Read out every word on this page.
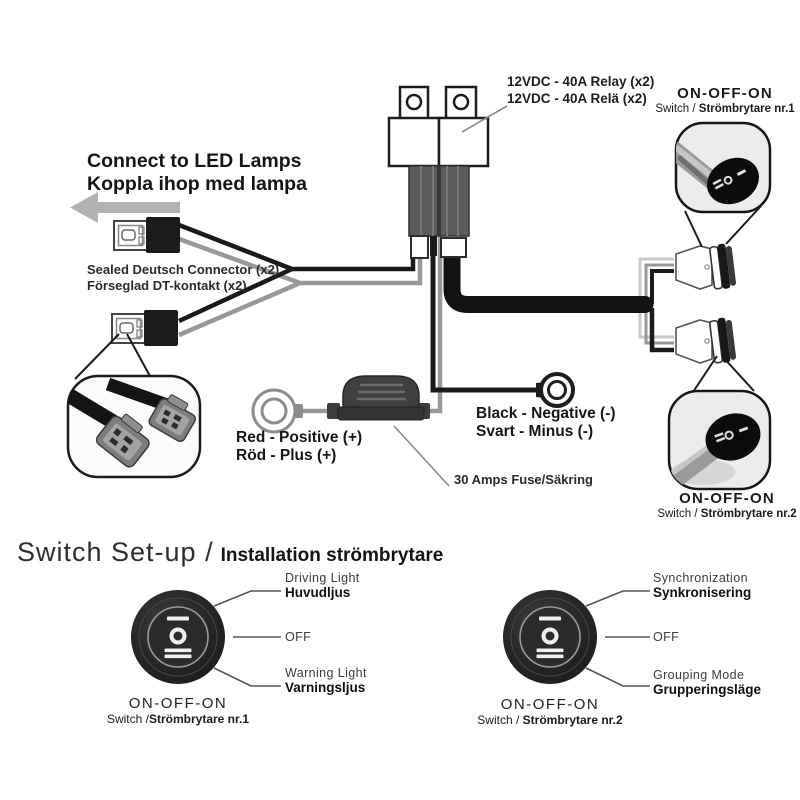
12VDC - 40A Relay (x2)
12VDC - 40A Relä (x2)
Connect to LED Lamps
Koppla ihop med lampa
Sealed Deutsch Connector (x2)
Förseglad DT-kontakt (x2)
Red - Positive (+)
Röd - Plus (+)
Black - Negative (-)
Svart - Minus (-)
30 Amps Fuse/Säkring
ON-OFF-ON
Switch / Strömbrytare nr.1
ON-OFF-ON
Switch / Strömbrytare nr.2
Switch Set-up / Installation strömbrytare
Driving Light
Huvudljus
OFF
Warning Light
Varningsljus
Synchronization
Synkronisering
OFF
Grouping Mode
Grupperingsläge
ON-OFF-ON
Switch /Strömbrytare nr.1
ON-OFF-ON
Switch / Strömbrytare nr.2
